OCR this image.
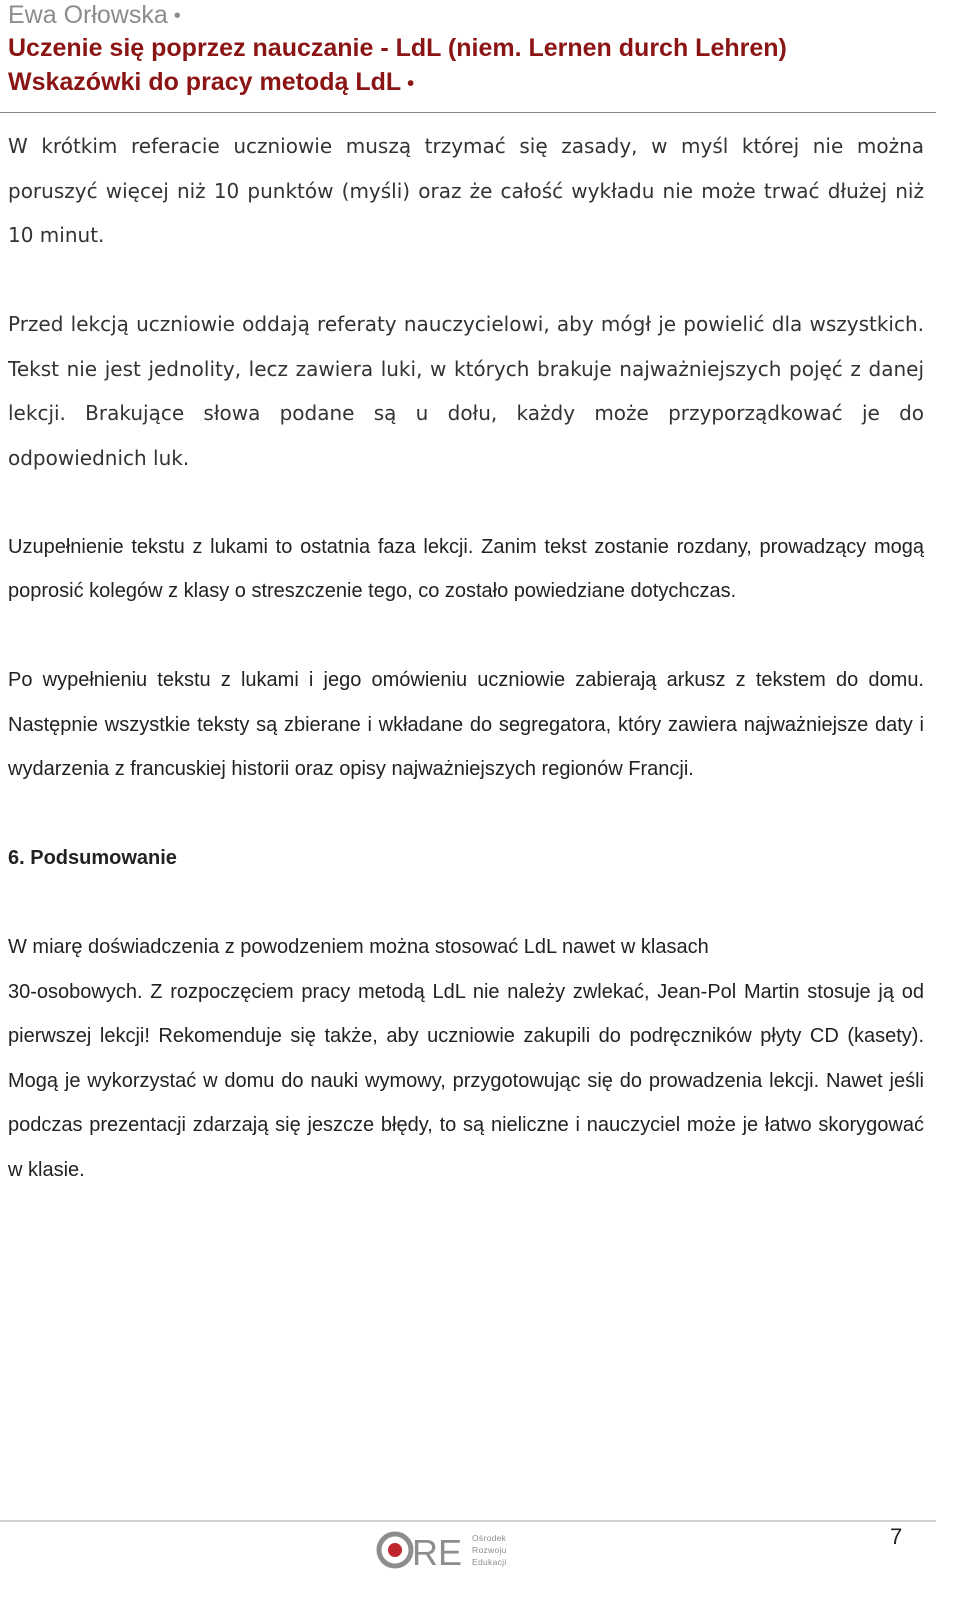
Ewa Orłowska •
Uczenie się poprzez nauczanie - LdL (niem. Lernen durch Lehren)
Wskazówki do pracy metodą LdL •

W krótkim referacie uczniowie muszą trzymać się zasady, w myśl której nie można poruszyć więcej niż 10 punktów (myśli) oraz że całość wykładu nie może trwać dłużej niż 10 minut.

Przed lekcją uczniowie oddają referaty nauczycielowi, aby mógł je powielić dla wszystkich. Tekst nie jest jednolity, lecz zawiera luki, w których brakuje najważniejszych pojęć z danej lekcji. Brakujące słowa podane są u dołu, każdy może przyporządkować je do odpowiednich luk.

Uzupełnienie tekstu z lukami to ostatnia faza lekcji. Zanim tekst zostanie rozdany, prowadzący mogą poprosić kolegów z klasy o streszczenie tego, co zostało powiedziane dotychczas.

Po wypełnieniu tekstu z lukami i jego omówieniu uczniowie zabierają arkusz z tekstem do domu. Następnie wszystkie teksty są zbierane i wkładane do segregatora, który zawiera najważniejsze daty i wydarzenia z francuskiej historii oraz opisy najważniejszych regionów Francji.

6. Podsumowanie

W miarę doświadczenia z powodzeniem można stosować LdL nawet w klasach
30-osobowych. Z rozpoczęciem pracy metodą LdL nie należy zwlekać, Jean-Pol Martin stosuje ją od pierwszej lekcji! Rekomenduje się także, aby uczniowie zakupili do podręczników płyty CD (kasety). Mogą je wykorzystać w domu do nauki wymowy, przygotowując się do prowadzenia lekcji. Nawet jeśli podczas prezentacji zdarzają się jeszcze błędy, to są nieliczne i nauczyciel może je łatwo skorygować w klasie.

RE Ośrodek
Rozwoju
Edukacji
7
